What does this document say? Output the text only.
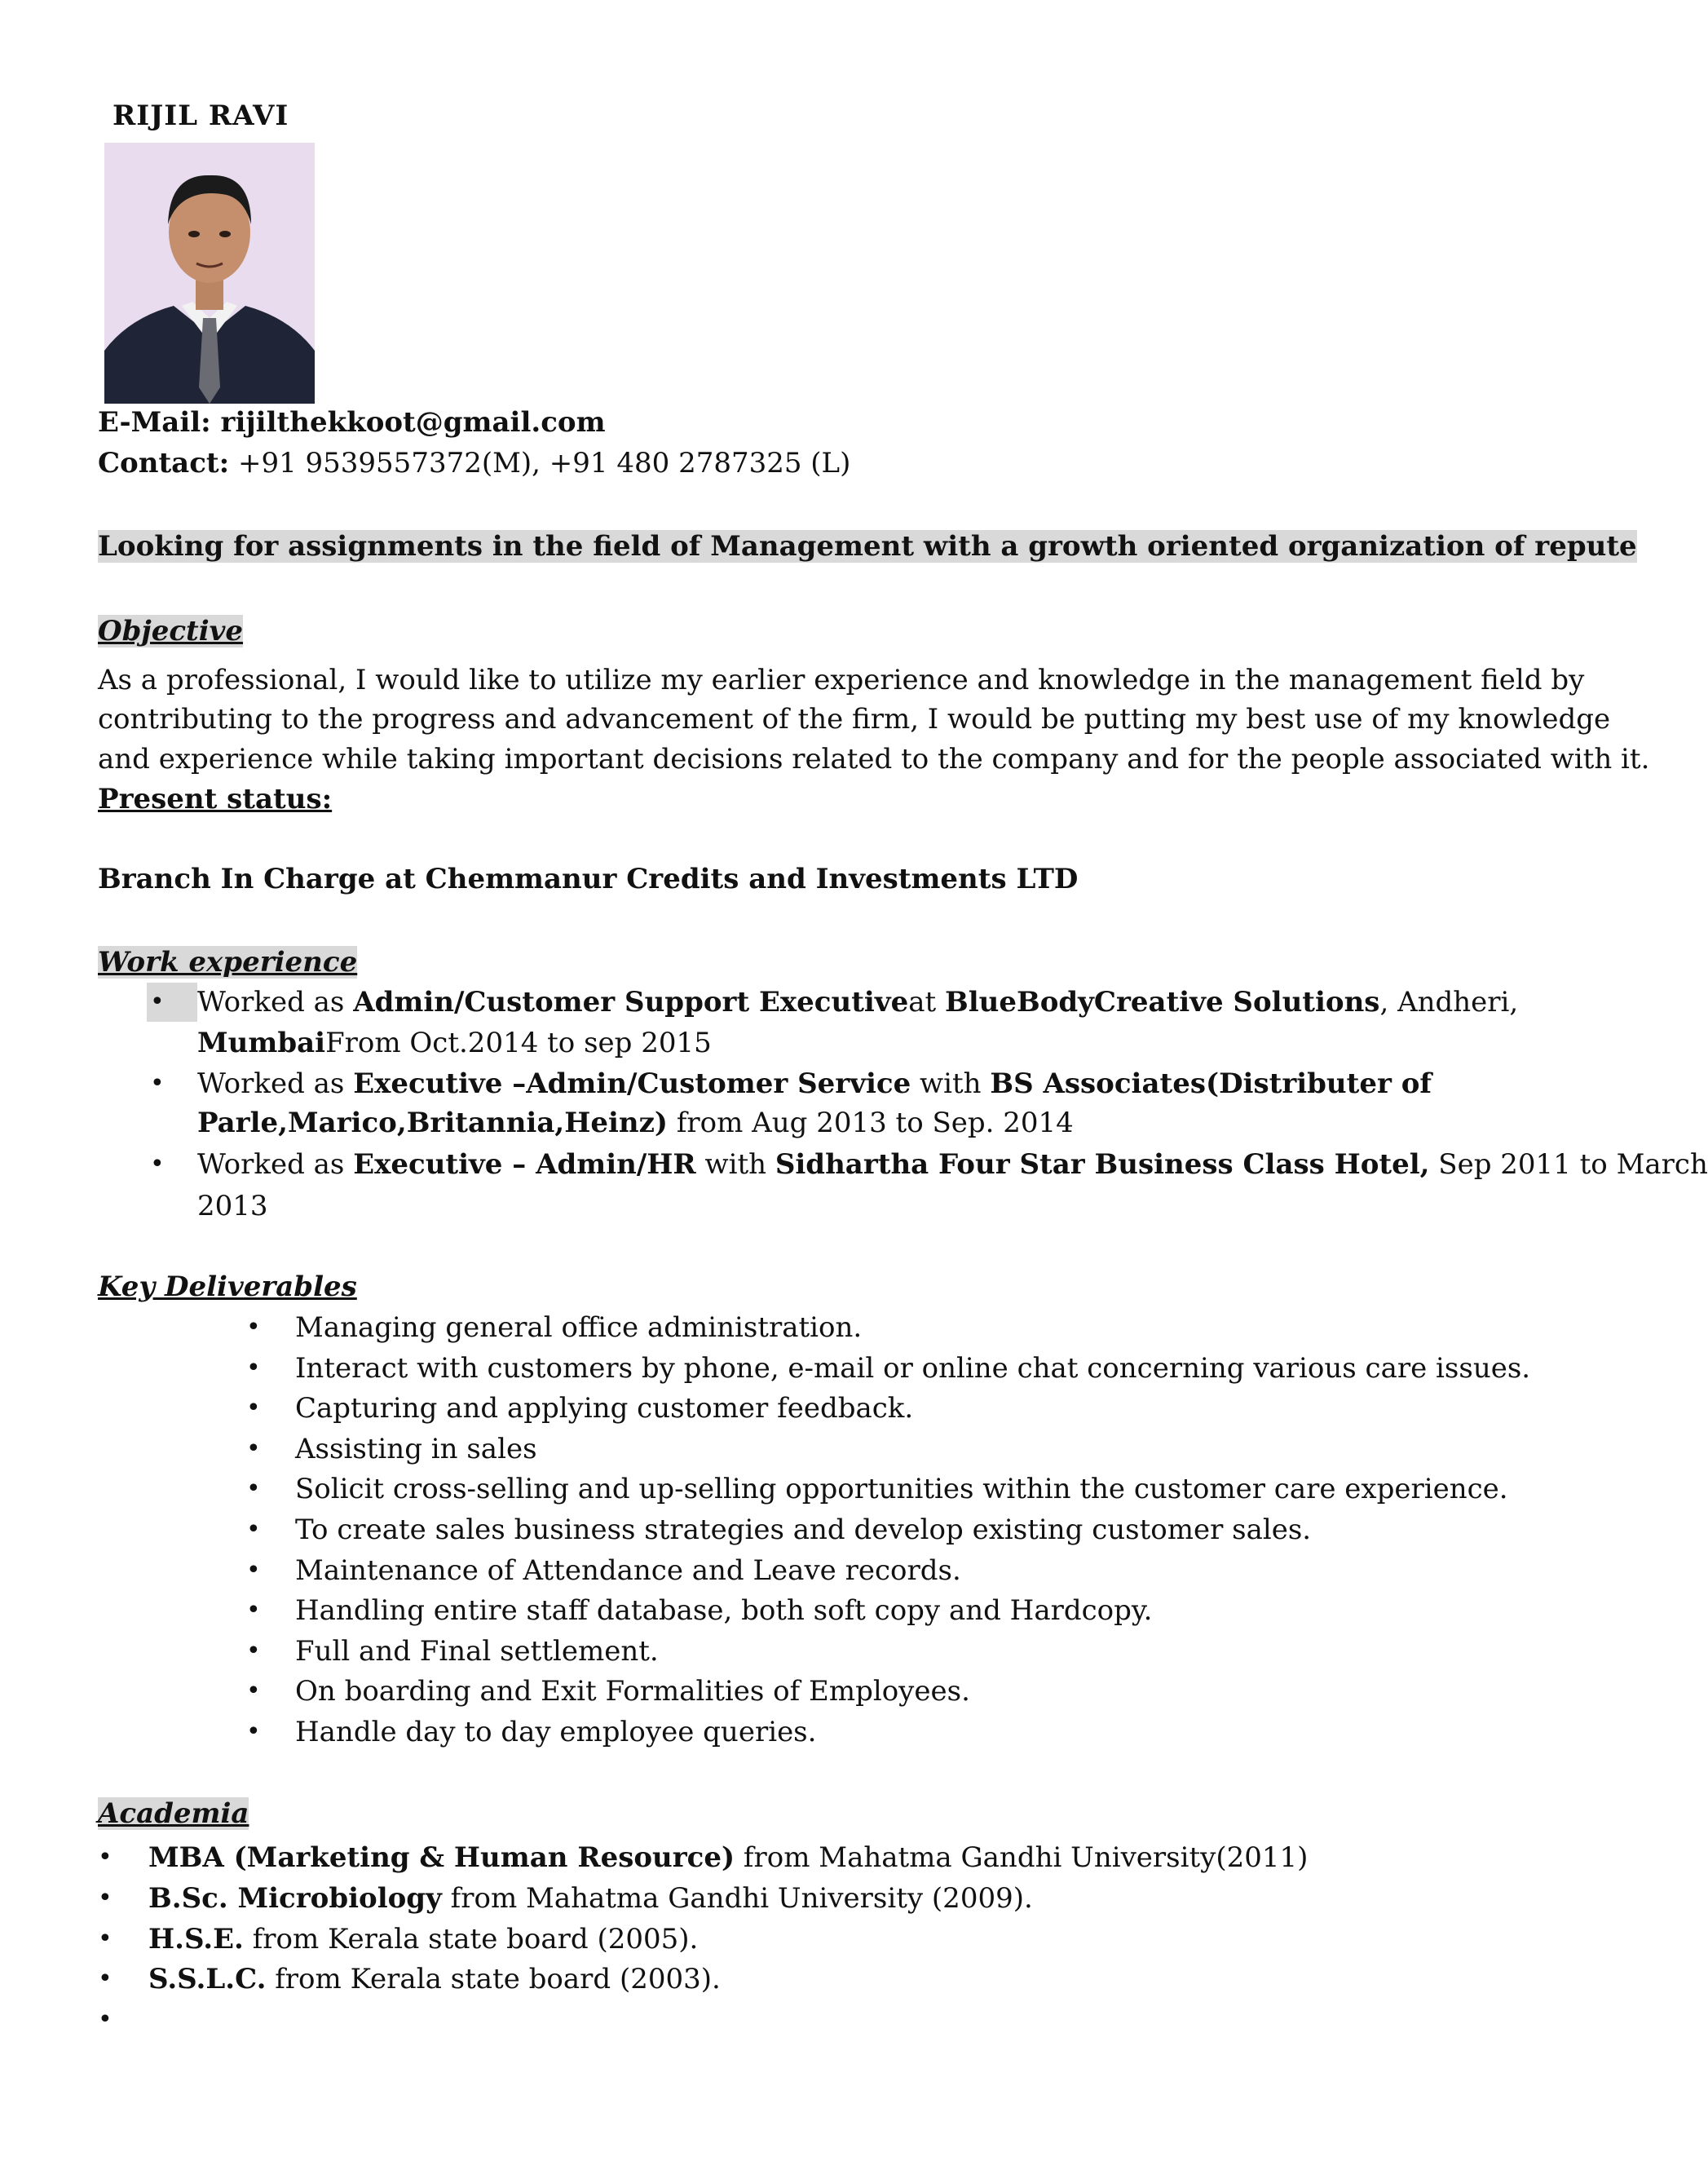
RIJIL RAVI
E-Mail: rijilthekkoot@gmail.com
Contact: +91 9539557372(M), +91 480 2787325 (L)
Looking for assignments in the field of Management with a growth oriented organization of repute
Objective
As a professional, I would like to utilize my earlier experience and knowledge in the management field by
contributing to the progress and advancement of the firm, I would be putting my best use of my knowledge
and experience while taking important decisions related to the company and for the people associated with it.
Present status:
Branch In Charge at Chemmanur Credits and Investments LTD
Work experience
•	Worked as Admin/Customer Support Executiveat BlueBodyCreative Solutions, Andheri,
MumbaiFrom Oct.2014 to sep 2015
• Worked as Executive –Admin/Customer Service with BS Associates(Distributer of
Parle,Marico,Britannia,Heinz) from Aug 2013 to Sep. 2014
• Worked as Executive – Admin/HR with Sidhartha Four Star Business Class Hotel, Sep 2011 to March
2013
Key Deliverables
• Managing general office administration.
• Interact with customers by phone, e-mail or online chat concerning various care issues.
• Capturing and applying customer feedback.
• Assisting in sales
• Solicit cross-selling and up-selling opportunities within the customer care experience.
• To create sales business strategies and develop existing customer sales.
• Maintenance of Attendance and Leave records.
• Handling entire staff database, both soft copy and Hardcopy.
• Full and Final settlement.
• On boarding and Exit Formalities of Employees.
• Handle day to day employee queries.
Academia
• MBA (Marketing & Human Resource) from Mahatma Gandhi University(2011)
• B.Sc. Microbiology from Mahatma Gandhi University (2009).
• H.S.E. from Kerala state board (2005).
• S.S.L.C. from Kerala state board (2003).
•
